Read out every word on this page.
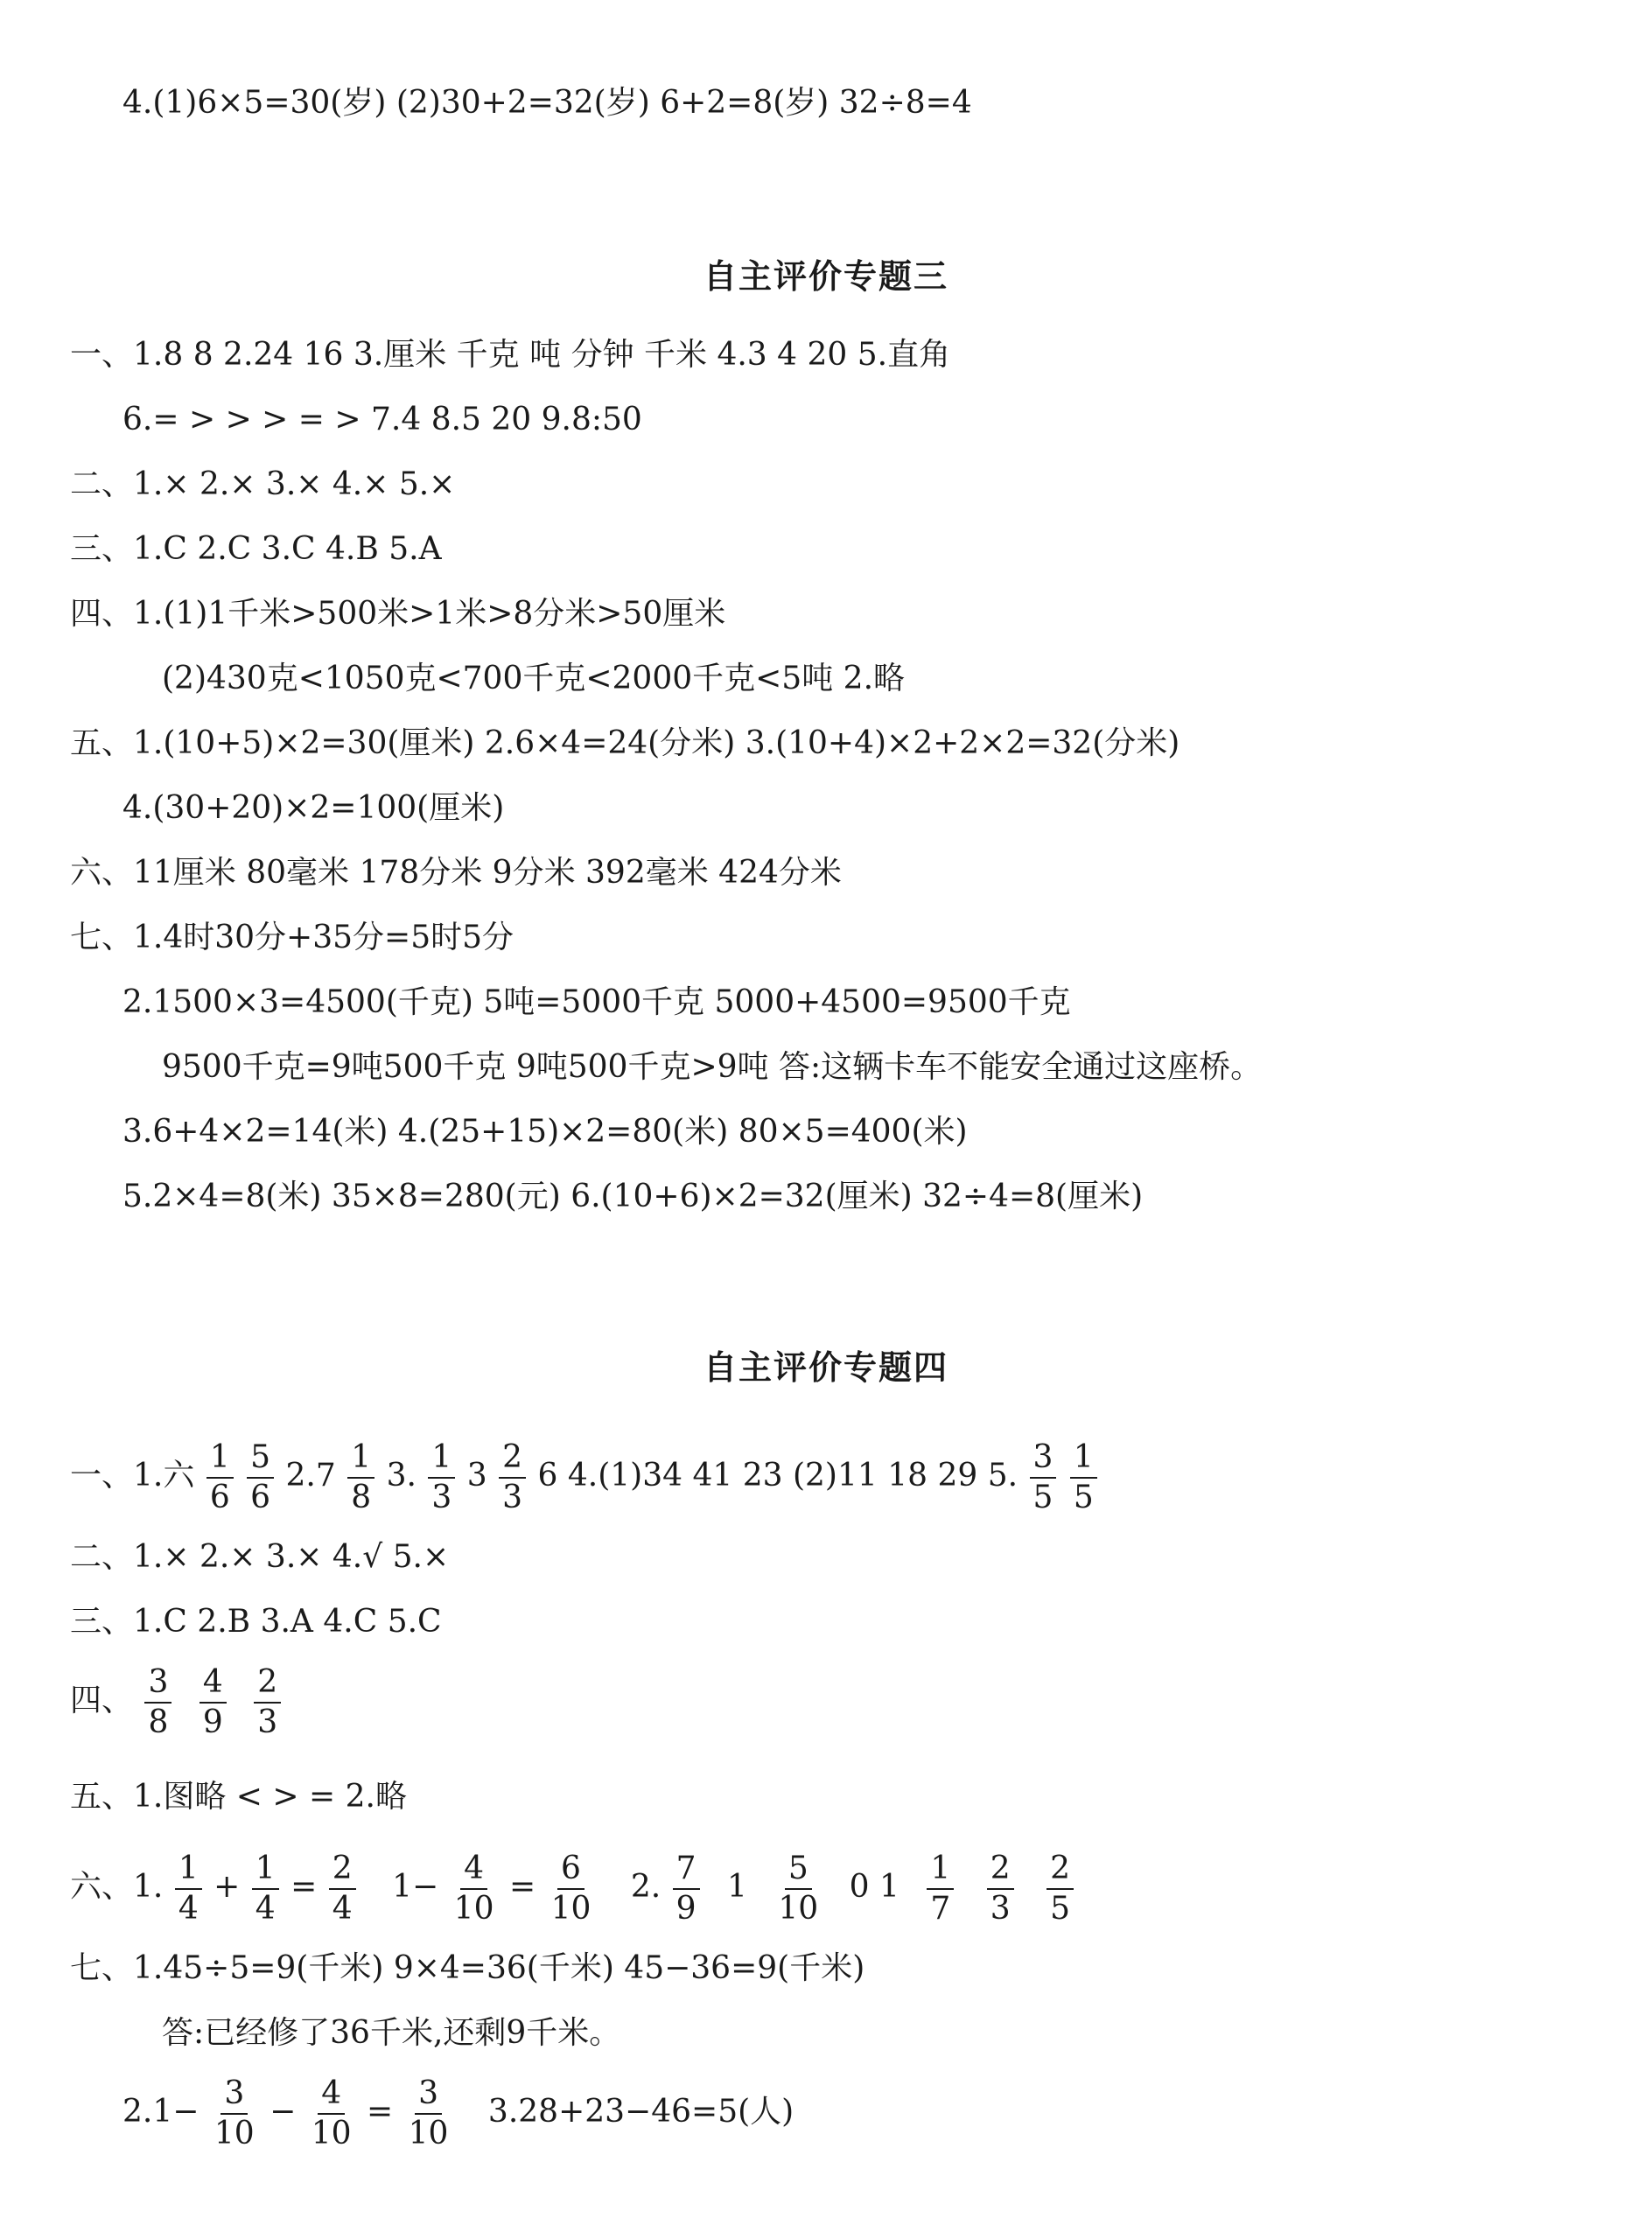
4.(1)6×5=30(岁) (2)30+2=32(岁) 6+2=8(岁) 32÷8=4
自主评价专题三
一、1.8 8 2.24 16 3.厘米 千克 吨 分钟 千米 4.3 4 20 5.直角
6.= > > > = > 7.4 8.5 20 9.8:50
二、1.× 2.× 3.× 4.× 5.×
三、1.C 2.C 3.C 4.B 5.A
四、1.(1)1千米>500米>1米>8分米>50厘米
(2)430克<1050克<700千克<2000千克<5吨 2.略
五、1.(10+5)×2=30(厘米) 2.6×4=24(分米) 3.(10+4)×2+2×2=32(分米)
4.(30+20)×2=100(厘米)
六、11厘米 80毫米 178分米 9分米 392毫米 424分米
七、1.4时30分+35分=5时5分
2.1500×3=4500(千克) 5吨=5000千克 5000+4500=9500千克
9500千克=9吨500千克 9吨500千克>9吨 答:这辆卡车不能安全通过这座桥。
3.6+4×2=14(米) 4.(25+15)×2=80(米) 80×5=400(米)
5.2×4=8(米) 35×8=280(元) 6.(10+6)×2=32(厘米) 32÷4=8(厘米)
自主评价专题四
一、1.六 $\frac{1}{6}$
$\frac{5}{6} 2.7 \frac{1}{8} 3$. $\frac{1}{3} 3 \frac{2}{3} 6$ 4.(1)34 41 23 (2)11 18 29 5. $\frac{3}{5}$
$\frac{1}{5}$
二、1.× 2.× 3.× 4.√ 5.×
三、1.C 2.B 3.A 4.C 5.C
四、 $\frac{3}{8}$
$\frac{4}{9}$
$\frac{2}{3}$
五、1.图略 < > = 2.略
六、1. $\frac{1}{4} + \frac{1}{4} = \frac{2}{4} 1- \frac{4}{10} = \frac{6}{10} 2$. $\frac{7}{9} 1 \frac{5}{10} 0$ $1 \frac{1}{7}$
$\frac{2}{3}$
$\frac{2}{5}$
七、1.45÷5=9(千米) 9×4=36(千米) 45−36=9(千米)
答:已经修了36千米,还剩9千米。
$2.1- \frac{3}{10} - \frac{4}{10} = \frac{3}{10} 3.28+23-46=5$(人)
